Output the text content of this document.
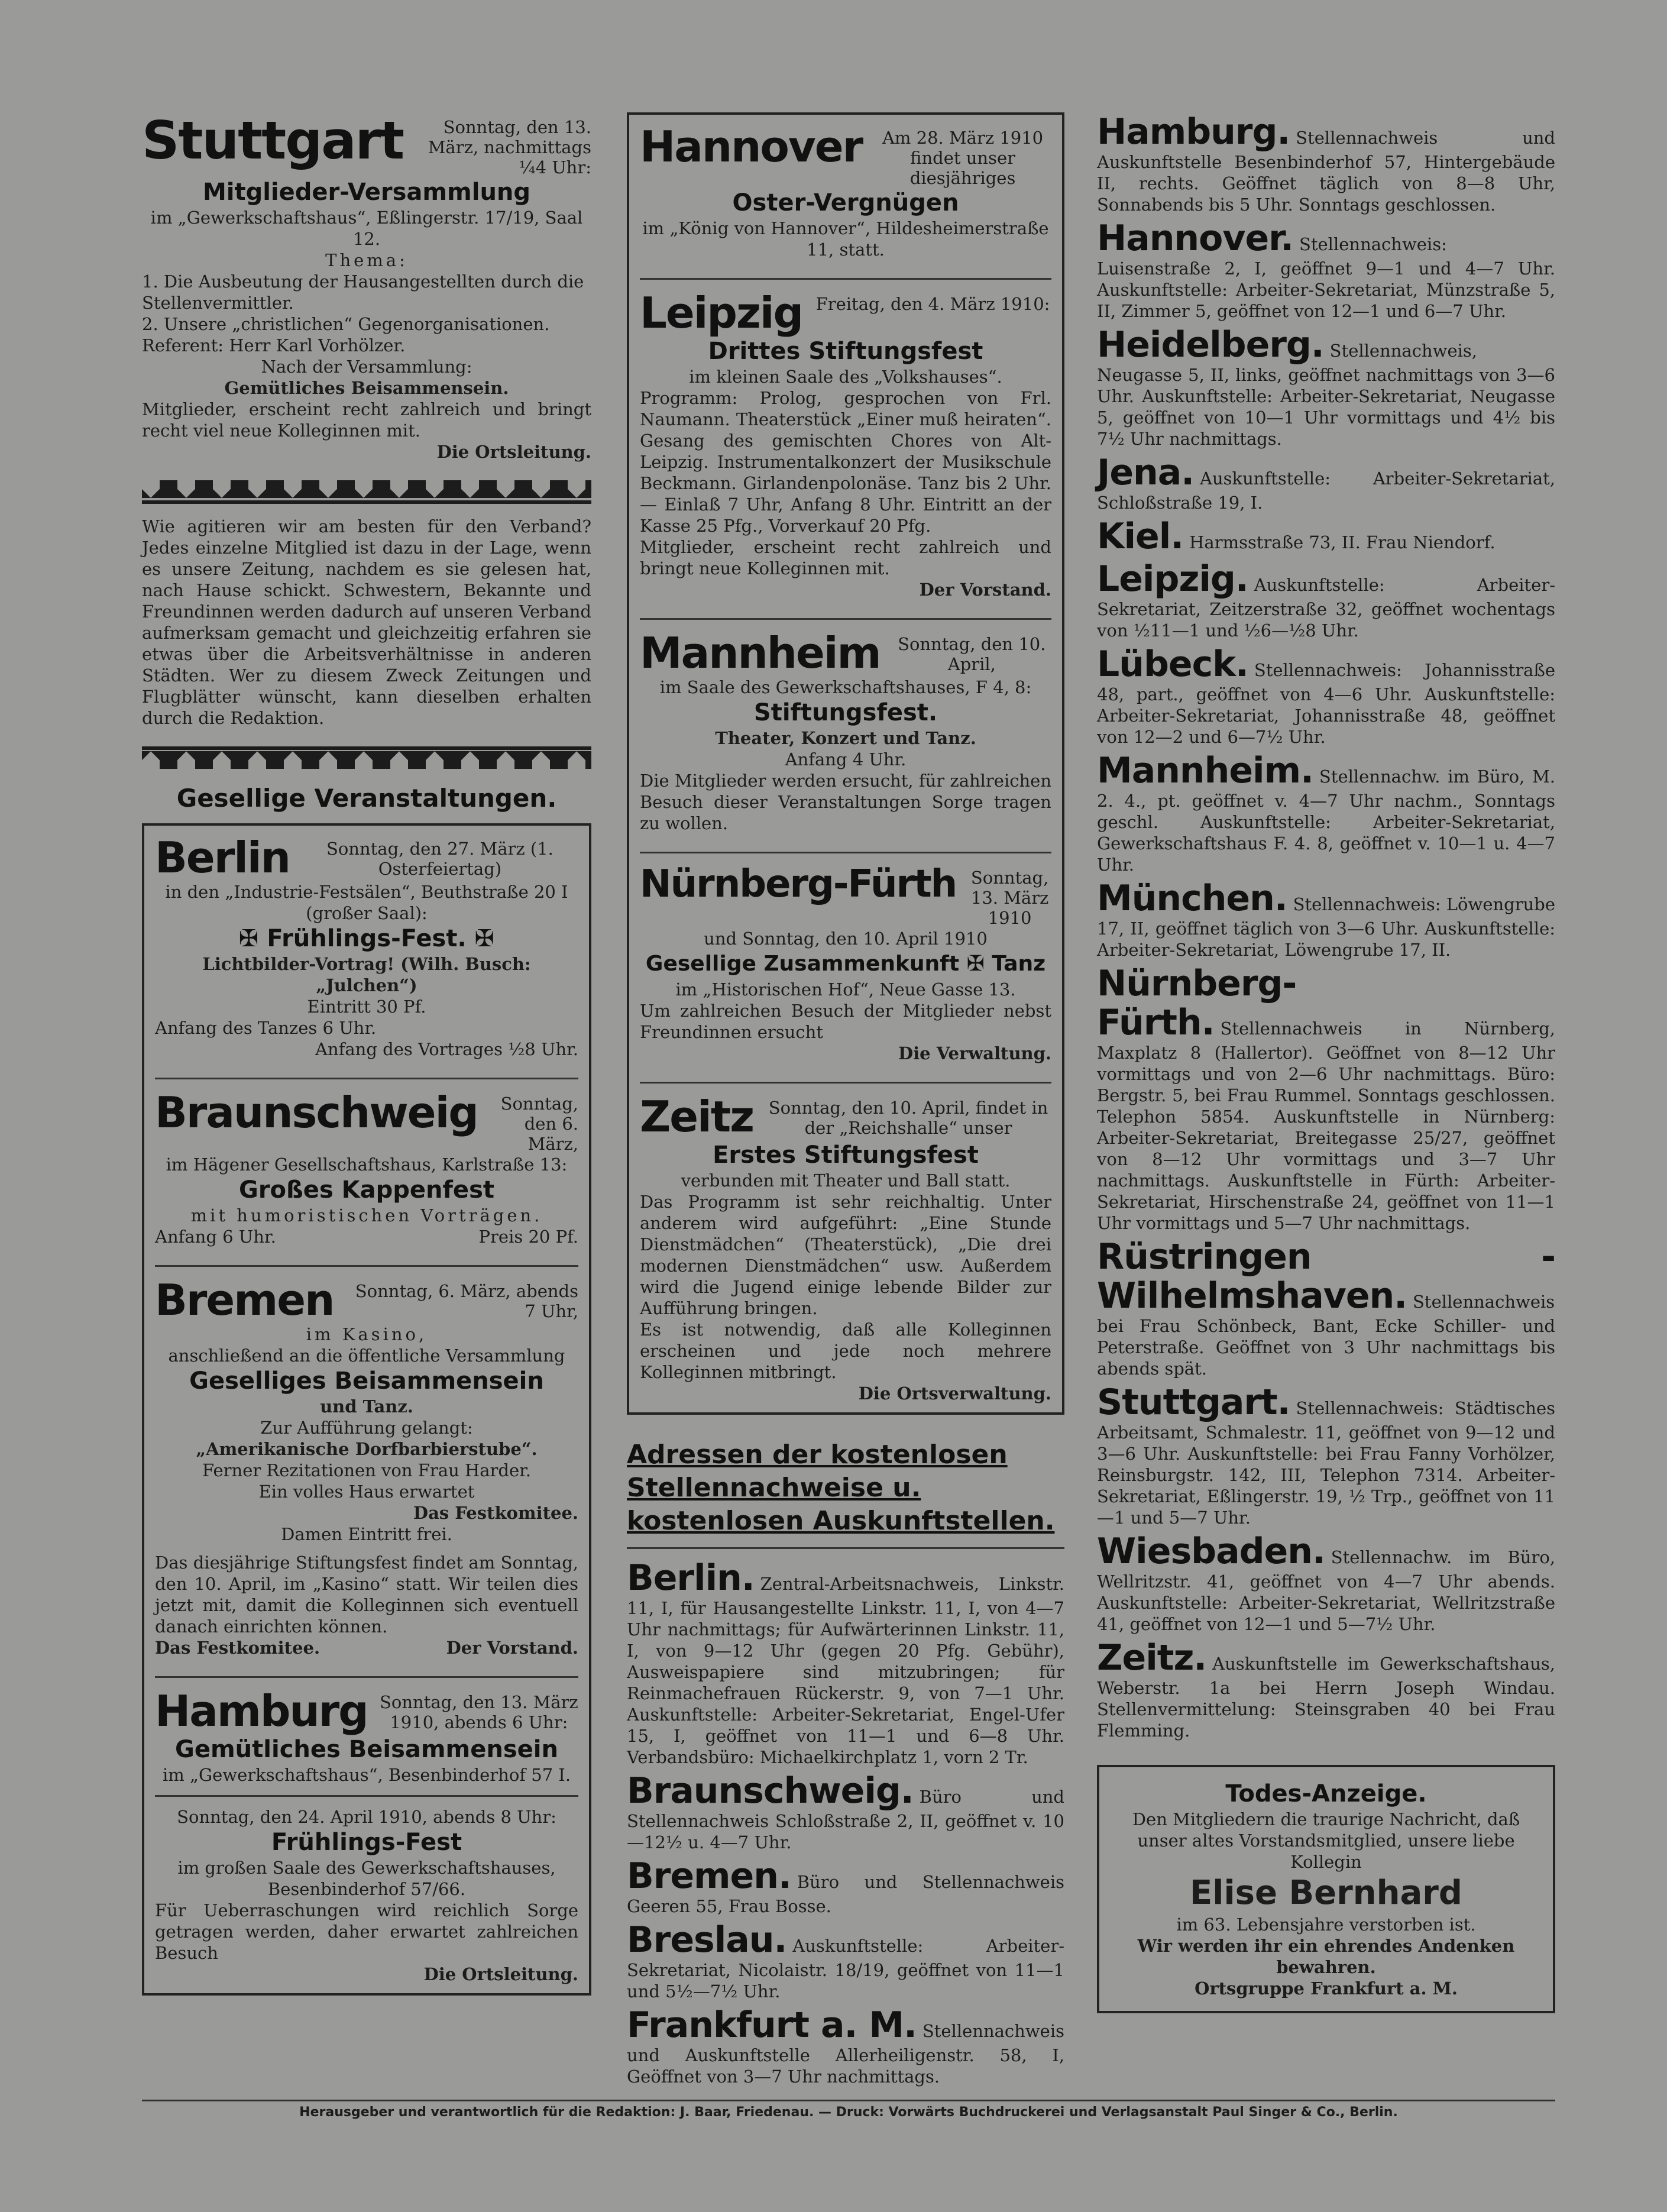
Stuttgart	Sonntag, den 13. März, nachmittags ¼4 Uhr:
Mitglieder-Versammlung
im „Gewerkschaftshaus“, Eßlingerstr. 17/19, Saal 12.
Thema:
1. Die Ausbeutung der Hausangestellten durch die Stellenvermittler.
2. Unsere „christlichen“ Gegenorganisationen.
Referent: Herr Karl Vorhölzer.
Nach der Versammlung:
Gemütliches Beisammensein.
Mitglieder, erscheint recht zahlreich und bringt recht viel neue Kolleginnen mit.
Die Ortsleitung.
Wie agitieren wir am besten für den Verband? Jedes einzelne Mitglied ist dazu in der Lage, wenn es unsere Zeitung, nachdem es sie gelesen hat, nach Hause schickt. Schwestern, Bekannte und Freundinnen werden dadurch auf unseren Verband aufmerksam gemacht und gleichzeitig erfahren sie etwas über die Arbeitsverhältnisse in anderen Städten. Wer zu diesem Zweck Zeitungen und Flugblätter wünscht, kann dieselben erhalten durch die Redaktion.
Gesellige Veranstaltungen.
Berlin	Sonntag, den 27. März (1. Osterfeiertag)
in den „Industrie-Festsälen“, Beuthstraße 20 I (großer Saal):
✠ Frühlings-Fest. ✠
Lichtbilder-Vortrag! (Wilh. Busch: „Julchen“)
Eintritt 30 Pf.
Anfang des Tanzes 6 Uhr.
Anfang des Vortrages ½8 Uhr.
Braunschweig	Sonntag, den 6. März,
im Hägener Gesellschaftshaus, Karlstraße 13:
Großes Kappenfest
mit humoristischen Vorträgen.
Anfang 6 Uhr.	Preis 20 Pf.
Bremen	Sonntag, 6. März, abends 7 Uhr,
im Kasino,
anschließend an die öffentliche Versammlung
Geselliges Beisammensein
und Tanz.
Zur Aufführung gelangt:
„Amerikanische Dorfbarbierstube“.
Ferner Rezitationen von Frau Harder.
Ein volles Haus erwartet
Das Festkomitee.
Damen Eintritt frei.
Das diesjährige Stiftungsfest findet am Sonntag, den 10. April, im „Kasino“ statt. Wir teilen dies jetzt mit, damit die Kolleginnen sich eventuell danach einrichten können.
Das Festkomitee.	Der Vorstand.
Hamburg Sonntag, den 13. März 1910, abends 6 Uhr:
Gemütliches Beisammensein
im „Gewerkschaftshaus“, Besenbinderhof 57 I.
Sonntag, den 24. April 1910, abends 8 Uhr:
Frühlings-Fest
im großen Saale des Gewerkschaftshauses, Besenbinderhof 57/66.
Für Ueberraschungen wird reichlich Sorge getragen werden, daher erwartet zahlreichen Besuch
Die Ortsleitung.
Hannover	Am 28. März 1910 findet unser diesjähriges
Oster-Vergnügen
im „König von Hannover“, Hildesheimerstraße 11, statt.
Leipzig Freitag, den 4. März 1910:
Drittes Stiftungsfest
im kleinen Saale des „Volkshauses“.
Programm: Prolog, gesprochen von Frl. Naumann. Theaterstück „Einer muß heiraten“. Gesang des gemischten Chores von Alt-Leipzig. Instrumentalkonzert der Musikschule Beckmann. Girlandenpolonäse. Tanz bis 2 Uhr. — Einlaß 7 Uhr, Anfang 8 Uhr. Eintritt an der Kasse 25 Pfg., Vorverkauf 20 Pfg.
Mitglieder, erscheint recht zahlreich und bringt neue Kolleginnen mit.
Der Vorstand.
Mannheim	Sonntag, den 10. April,
im Saale des Gewerkschaftshauses, F 4, 8:
Stiftungsfest.
Theater, Konzert und Tanz.
Anfang 4 Uhr.
Die Mitglieder werden ersucht, für zahlreichen Besuch dieser Veranstaltungen Sorge tragen zu wollen.
Nürnberg-Fürth Sonntag, 13. März 1910
und Sonntag, den 10. April 1910
Gesellige Zusammenkunft ✠ Tanz
im „Historischen Hof“, Neue Gasse 13.
Um zahlreichen Besuch der Mitglieder nebst Freundinnen ersucht
Die Verwaltung.
Zeitz Sonntag, den 10. April, findet in der „Reichshalle“ unser
Erstes Stiftungsfest
verbunden mit Theater und Ball statt.
Das Programm ist sehr reichhaltig. Unter anderem wird aufgeführt: „Eine Stunde Dienstmädchen“ (Theaterstück), „Die drei modernen Dienstmädchen“ usw. Außerdem wird die Jugend einige lebende Bilder zur Aufführung bringen.
Es ist notwendig, daß alle Kolleginnen erscheinen und jede noch mehrere Kolleginnen mitbringt.
Die Ortsverwaltung.
Adressen der kostenlosen Stellennachweise u. kostenlosen Auskunftstellen.
Berlin. Zentral-Arbeitsnachweis, Linkstr. 11, I, für Hausangestellte Linkstr. 11, I, von 4—7 Uhr nachmittags; für Aufwärterinnen Linkstr. 11, I, von 9—12 Uhr (gegen 20 Pfg. Gebühr), Ausweispapiere sind mitzubringen; für Reinmachefrauen Rückerstr. 9, von 7—1 Uhr. Auskunftstelle: Arbeiter-Sekretariat, Engel-Ufer 15, I, geöffnet von 11—1 und 6—8 Uhr. Verbandsbüro: Michaelkirchplatz 1, vorn 2 Tr.
Braunschweig. Büro und Stellennachweis Schloßstraße 2, II, geöffnet v. 10—12½ u. 4—7 Uhr.
Bremen. Büro und Stellennachweis Geeren 55, Frau Bosse.
Breslau. Auskunftstelle: Arbeiter-Sekretariat, Nicolaistr. 18/19, geöffnet von 11—1 und 5½—7½ Uhr.
Frankfurt a. M. Stellennachweis und Auskunftstelle Allerheiligenstr. 58, I, Geöffnet von 3—7 Uhr nachmittags.
Hamburg. Stellennachweis und Auskunftstelle Besenbinderhof 57, Hintergebäude II, rechts. Geöffnet täglich von 8—8 Uhr, Sonnabends bis 5 Uhr. Sonntags geschlossen.
Hannover. Stellennachweis: Luisenstraße 2, I, geöffnet 9—1 und 4—7 Uhr. Auskunftstelle: Arbeiter-Sekretariat, Münzstraße 5, II, Zimmer 5, geöffnet von 12—1 und 6—7 Uhr.
Heidelberg. Stellennachweis, Neugasse 5, II, links, geöffnet nachmittags von 3—6 Uhr. Auskunftstelle: Arbeiter-Sekretariat, Neugasse 5, geöffnet von 10—1 Uhr vormittags und 4½ bis 7½ Uhr nachmittags.
Jena. Auskunftstelle: Arbeiter-Sekretariat, Schloßstraße 19, I.
Kiel. Harmsstraße 73, II. Frau Niendorf.
Leipzig. Auskunftstelle: Arbeiter-Sekretariat, Zeitzerstraße 32, geöffnet wochentags von ½11—1 und ½6—½8 Uhr.
Lübeck. Stellennachweis: Johannisstraße 48, part., geöffnet von 4—6 Uhr. Auskunftstelle: Arbeiter-Sekretariat, Johannisstraße 48, geöffnet von 12—2 und 6—7½ Uhr.
Mannheim. Stellennachw. im Büro, M. 2. 4., pt. geöffnet v. 4—7 Uhr nachm., Sonntags geschl. Auskunftstelle: Arbeiter-Sekretariat, Gewerkschaftshaus F. 4. 8, geöffnet v. 10—1 u. 4—7 Uhr.
München. Stellennachweis: Löwengrube 17, II, geöffnet täglich von 3—6 Uhr. Auskunftstelle: Arbeiter-Sekretariat, Löwengrube 17, II.
Nürnberg-Fürth. Stellennachweis in Nürnberg, Maxplatz 8 (Hallertor). Geöffnet von 8—12 Uhr vormittags und von 2—6 Uhr nachmittags. Büro: Bergstr. 5, bei Frau Rummel. Sonntags geschlossen. Telephon 5854. Auskunftstelle in Nürnberg: Arbeiter-Sekretariat, Breitegasse 25/27, geöffnet von 8—12 Uhr vormittags und 3—7 Uhr nachmittags. Auskunftstelle in Fürth: Arbeiter-Sekretariat, Hirschenstraße 24, geöffnet von 11—1 Uhr vormittags und 5—7 Uhr nachmittags.
Rüstringen - Wilhelmshaven. Stellennachweis bei Frau Schönbeck, Bant, Ecke Schiller- und Peterstraße. Geöffnet von 3 Uhr nachmittags bis abends spät.
Stuttgart. Stellennachweis: Städtisches Arbeitsamt, Schmalestr. 11, geöffnet von 9—12 und 3—6 Uhr. Auskunftstelle: bei Frau Fanny Vorhölzer, Reinsburgstr. 142, III, Telephon 7314. Arbeiter-Sekretariat, Eßlingerstr. 19, ½ Trp., geöffnet von 11—1 und 5—7 Uhr.
Wiesbaden. Stellennachw. im Büro, Wellritzstr. 41, geöffnet von 4—7 Uhr abends. Auskunftstelle: Arbeiter-Sekretariat, Wellritzstraße 41, geöffnet von 12—1 und 5—7½ Uhr.
Zeitz. Auskunftstelle im Gewerkschaftshaus, Weberstr. 1a bei Herrn Joseph Windau. Stellenvermittelung: Steinsgraben 40 bei Frau Flemming.
Todes-Anzeige.
Den Mitgliedern die traurige Nachricht, daß unser altes Vorstandsmitglied, unsere liebe Kollegin
Elise Bernhard
im 63. Lebensjahre verstorben ist.
Wir werden ihr ein ehrendes Andenken bewahren.
Ortsgruppe Frankfurt a. M.
Herausgeber und verantwortlich für die Redaktion: J. Baar, Friedenau. — Druck: Vorwärts Buchdruckerei und Verlagsanstalt Paul Singer & Co., Berlin.
